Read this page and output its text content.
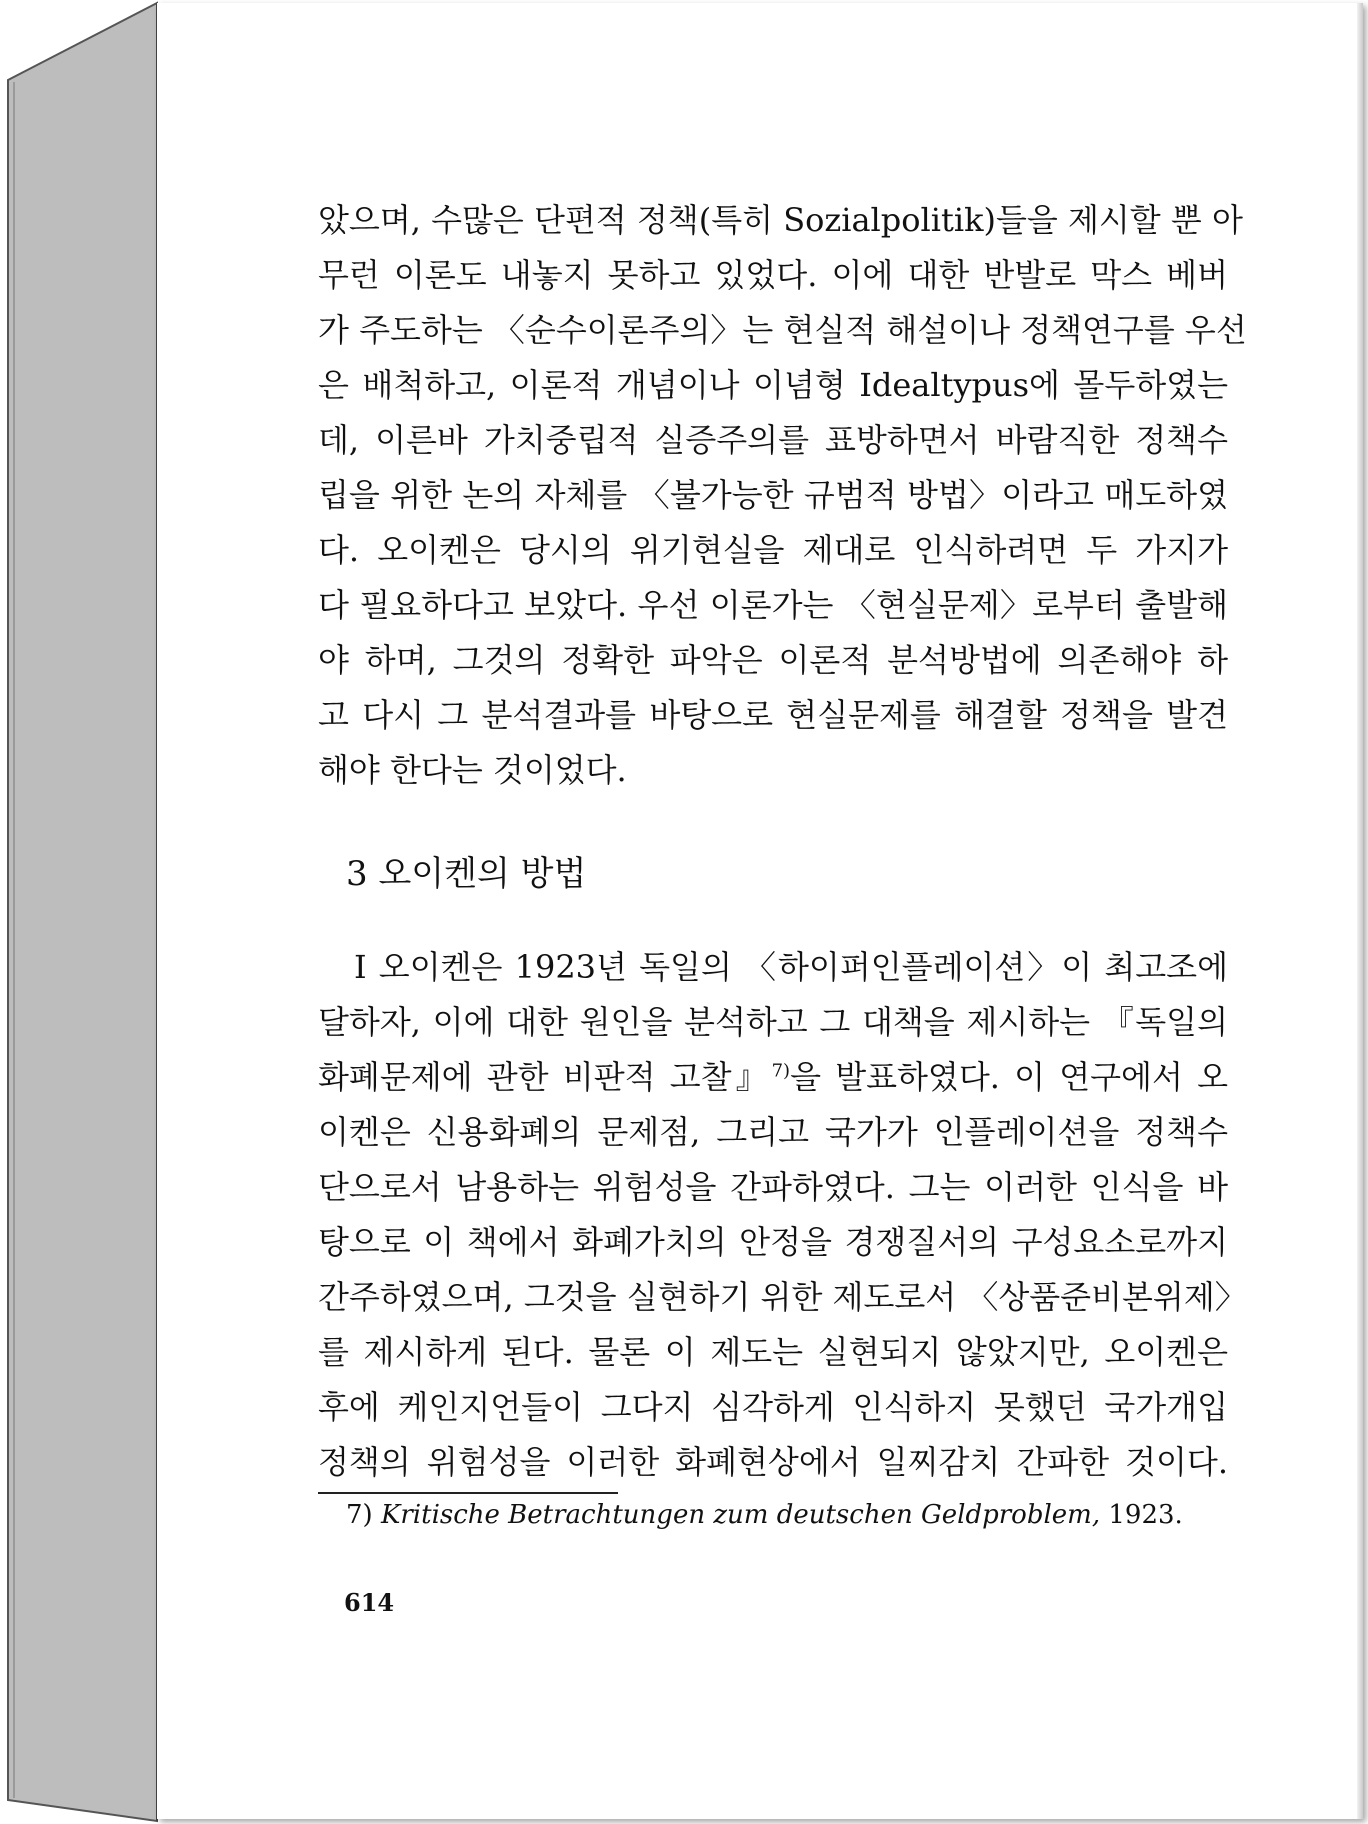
았으며, 수많은 단편적 정책(특히 Sozialpolitik)들을 제시할 뿐 아
무런 이론도 내놓지 못하고 있었다. 이에 대한 반발로 막스 베버
가 주도하는 〈순수이론주의〉는 현실적 해설이나 정책연구를 우선
은 배척하고, 이론적 개념이나 이념형 Idealtypus에 몰두하였는
데, 이른바 가치중립적 실증주의를 표방하면서 바람직한 정책수
립을 위한 논의 자체를 〈불가능한 규범적 방법〉이라고 매도하였
다. 오이켄은 당시의 위기현실을 제대로 인식하려면 두 가지가
다 필요하다고 보았다. 우선 이론가는 〈현실문제〉로부터 출발해
야 하며, 그것의 정확한 파악은 이론적 분석방법에 의존해야 하
고 다시 그 분석결과를 바탕으로 현실문제를 해결할 정책을 발견
해야 한다는 것이었다.
3 오이켄의 방법
I 오이켄은 1923년 독일의 〈하이퍼인플레이션〉이 최고조에
달하자, 이에 대한 원인을 분석하고 그 대책을 제시하는 『독일의
화폐문제에 관한 비판적 고찰』$^{7)}$을 발표하였다. 이 연구에서 오
이켄은 신용화폐의 문제점, 그리고 국가가 인플레이션을 정책수
단으로서 남용하는 위험성을 간파하였다. 그는 이러한 인식을 바
탕으로 이 책에서 화폐가치의 안정을 경쟁질서의 구성요소로까지
간주하였으며, 그것을 실현하기 위한 제도로서 〈상품준비본위제〉
를 제시하게 된다. 물론 이 제도는 실현되지 않았지만, 오이켄은
후에 케인지언들이 그다지 심각하게 인식하지 못했던 국가개입
정책의 위험성을 이러한 화폐현상에서 일찌감치 간파한 것이다.
7) Kritische Betrachtungen zum deutschen Geldproblem, 1923.
614
